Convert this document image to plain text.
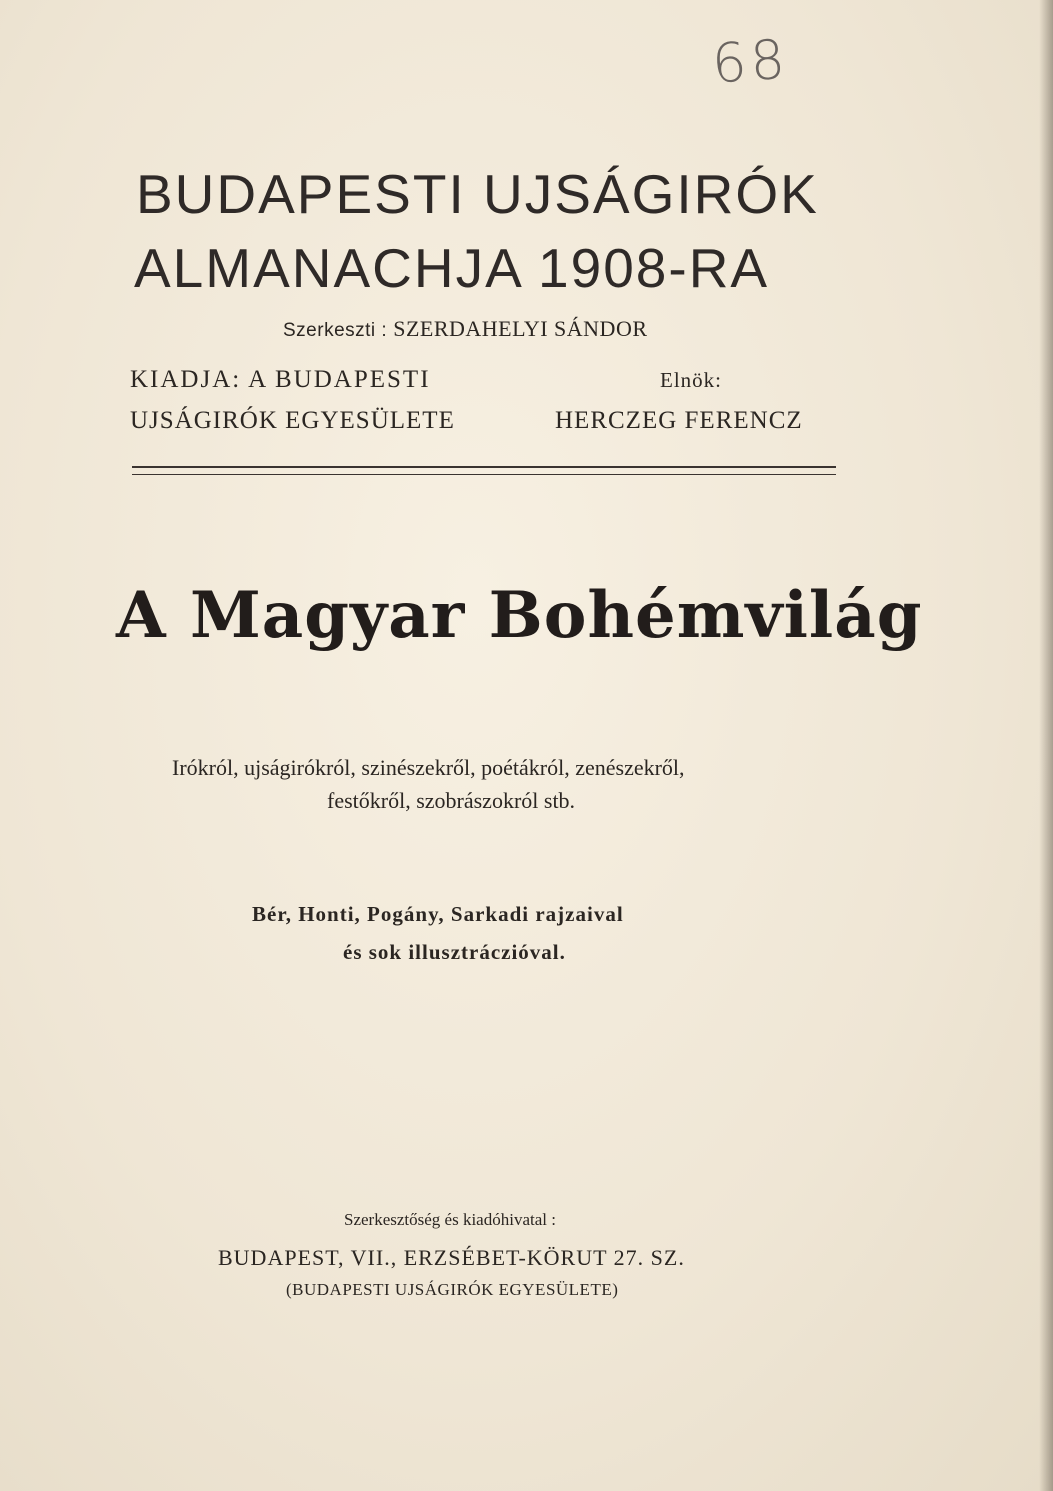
68
BUDAPESTI UJSÁGIRÓK
ALMANACHJA 1908-RA
Szerkeszti : SZERDAHELYI SÁNDOR
KIADJA: A BUDAPESTI
UJSÁGIRÓK EGYESÜLETE
Elnök:
HERCZEG FERENCZ
A Magyar Bohémvilág
Irókról, ujságirókról, szinészekről, poétákról, zenészekről,
festőkről, szobrászokról stb.
Bér, Honti, Pogány, Sarkadi rajzaival
és sok illusztráczióval.
Szerkesztőség és kiadóhivatal :
BUDAPEST, VII., ERZSÉBET-KÖRUT 27. SZ.
(BUDAPESTI UJSÁGIRÓK EGYESÜLETE)
